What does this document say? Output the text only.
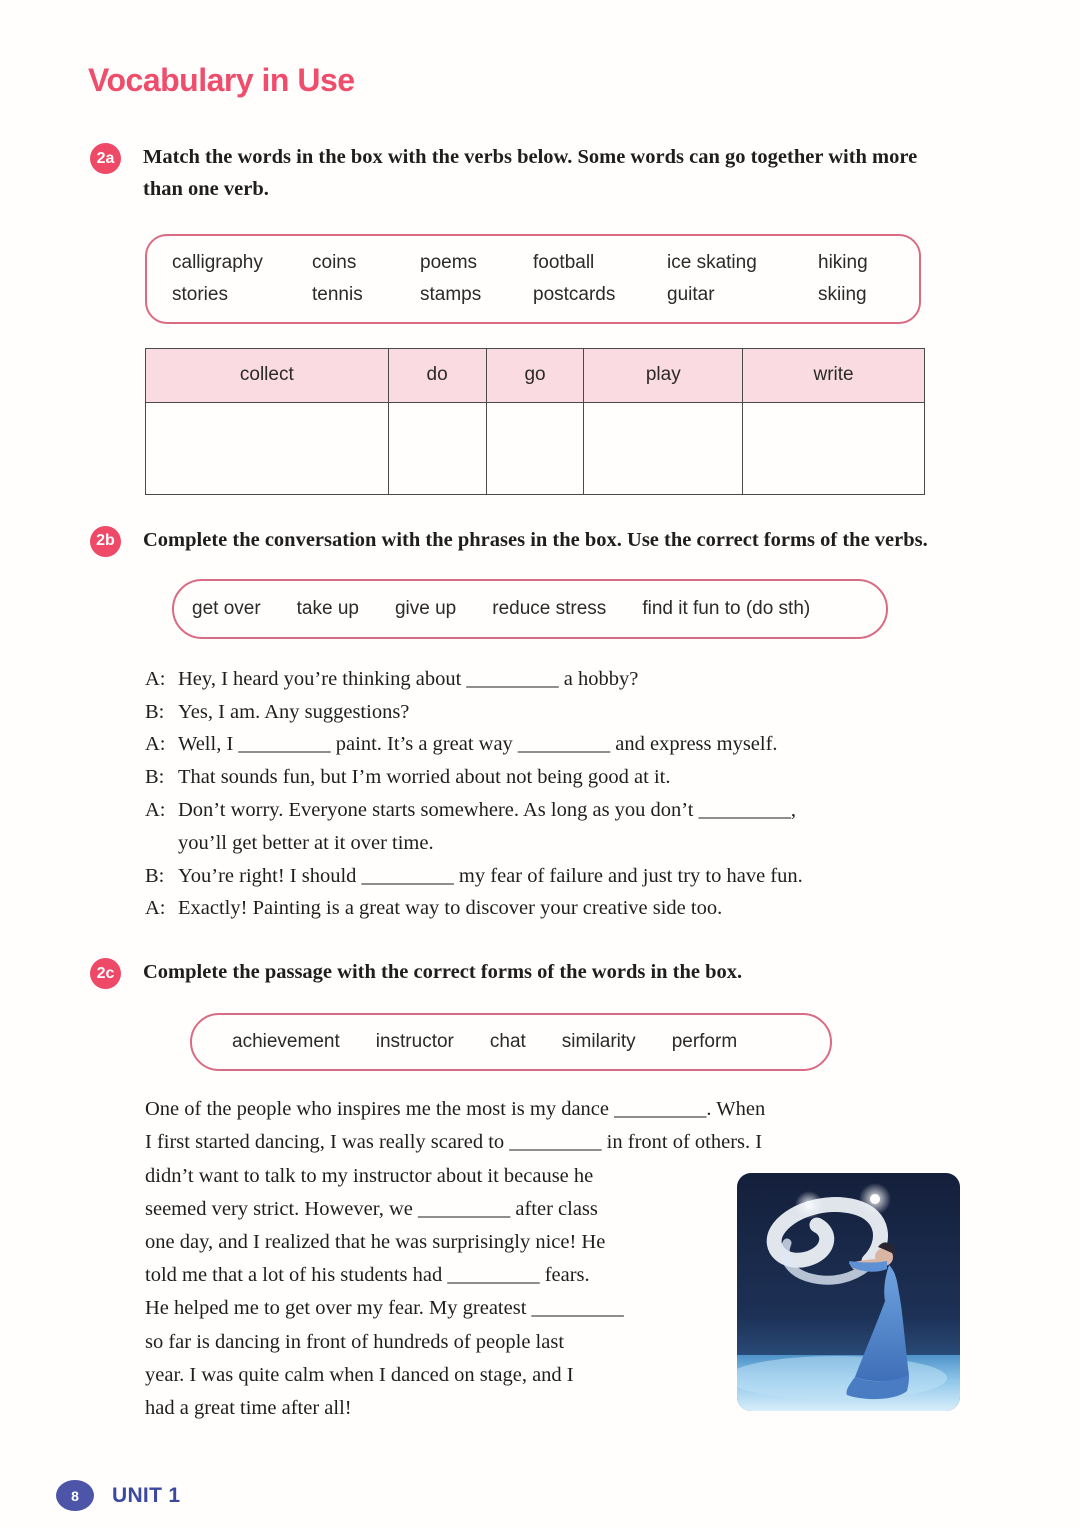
Vocabulary in Use
2a	Match the words in the box with the verbs below. Some words can go together with more than one verb.
calligraphy	coins	poems	football	ice skating	hiking
stories	tennis	stamps	postcards	guitar	skiing
collect	do	go	play	write

2b	Complete the conversation with the phrases in the box. Use the correct forms of the verbs.
get over take up give up reduce stress find it fun to (do sth)
A: Hey, I heard you’re thinking about _________ a hobby?
B: Yes, I am. Any suggestions?
A: Well, I _________ paint. It’s a great way _________ and express myself.
B: That sounds fun, but I’m worried about not being good at it.
A: Don’t worry. Everyone starts somewhere. As long as you don’t _________,
you’ll get better at it over time.
B: You’re right! I should _________ my fear of failure and just try to have fun.
A: Exactly! Painting is a great way to discover your creative side too.
2c	Complete the passage with the correct forms of the words in the box.
achievement instructor chat similarity perform
One of the people who inspires me the most is my dance _________. When
I first started dancing, I was really scared to _________ in front of others. I
didn’t want to talk to my instructor about it because he
seemed very strict. However, we _________ after class
one day, and I realized that he was surprisingly nice! He
told me that a lot of his students had _________ fears.
He helped me to get over my fear. My greatest _________
so far is dancing in front of hundreds of people last
year. I was quite calm when I danced on stage, and I
had a great time after all!
8	UNIT 1
